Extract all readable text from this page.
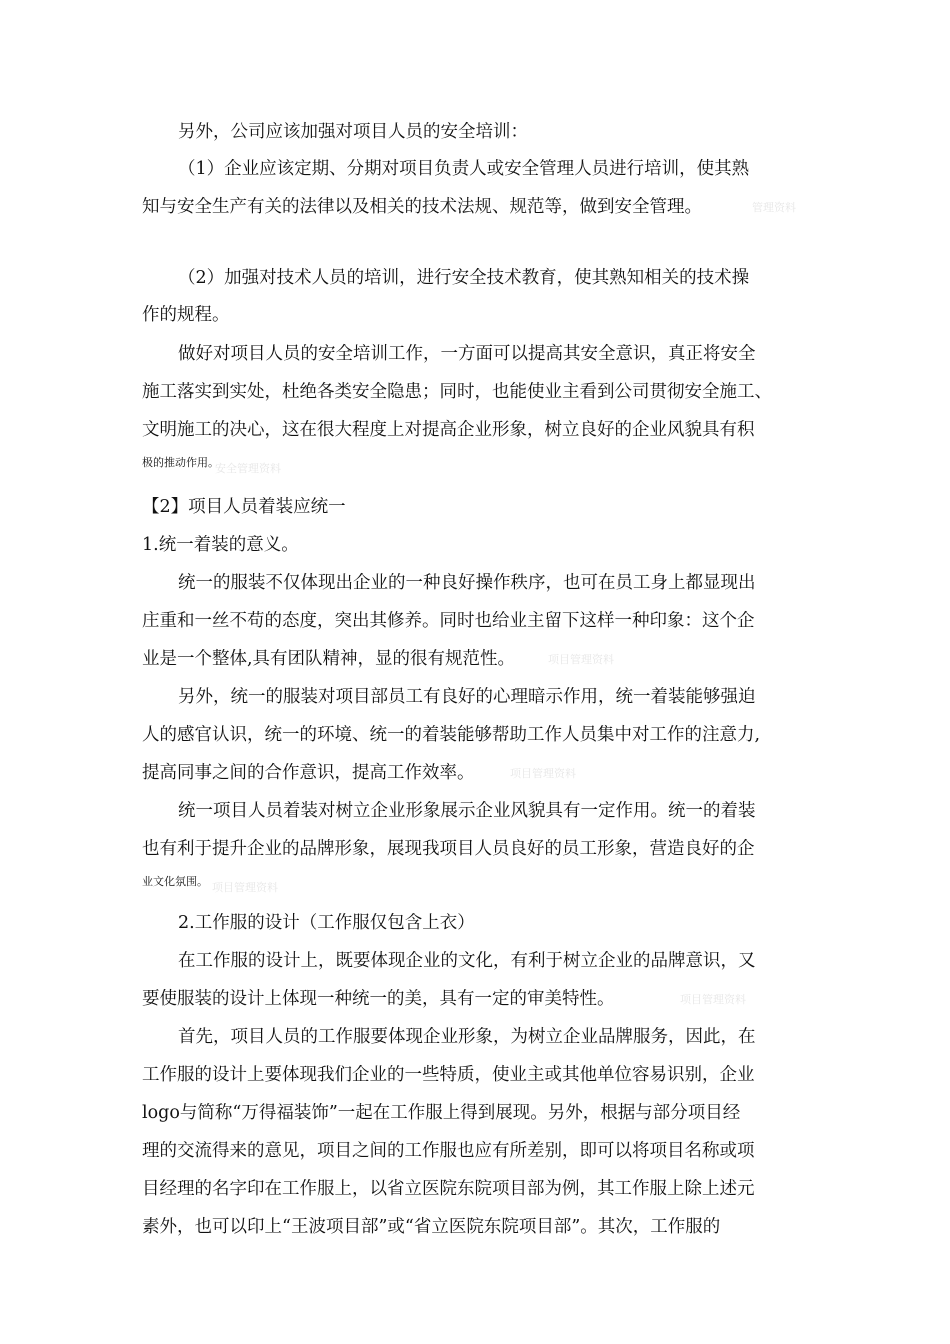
另外，公司应该加强对项目人员的安全培训：
（1）企业应该定期、分期对项目负责人或安全管理人员进行培训，使其熟
知与安全生产有关的法律以及相关的技术法规、规范等，做到安全管理。	管理资料
（2）加强对技术人员的培训，进行安全技术教育，使其熟知相关的技术操
作的规程。
做好对项目人员的安全培训工作，一方面可以提高其安全意识，真正将安全
施工落实到实处，杜绝各类安全隐患；同时，也能使业主看到公司贯彻安全施工、
文明施工的决心，这在很大程度上对提高企业形象，树立良好的企业风貌具有积
极的推动作用。
安全管理资料
【2】项目人员着装应统一
1.统一着装的意义。
统一的服装不仅体现出企业的一种良好操作秩序，也可在员工身上都显现出
庄重和一丝不苟的态度，突出其修养。同时也给业主留下这样一种印象：这个企
业是一个整体,具有团队精神，显的很有规范性。	项目管理资料
另外，统一的服装对项目部员工有良好的心理暗示作用，统一着装能够强迫
人的感官认识，统一的环境、统一的着装能够帮助工作人员集中对工作的注意力,
提高同事之间的合作意识，提高工作效率。	项目管理资料
统一项目人员着装对树立企业形象展示企业风貌具有一定作用。统一的着装
也有利于提升企业的品牌形象，展现我项目人员良好的员工形象，营造良好的企
业文化氛围。 项目管理资料
2.工作服的设计（工作服仅包含上衣）
在工作服的设计上，既要体现企业的文化，有利于树立企业的品牌意识，又
要使服装的设计上体现一种统一的美，具有一定的审美特性。	项目管理资料
首先，项目人员的工作服要体现企业形象，为树立企业品牌服务，因此，在
工作服的设计上要体现我们企业的一些特质，使业主或其他单位容易识别，企业
logo与简称“万得福装饰”一起在工作服上得到展现。另外，根据与部分项目经
理的交流得来的意见，项目之间的工作服也应有所差别，即可以将项目名称或项
目经理的名字印在工作服上，以省立医院东院项目部为例，其工作服上除上述元
素外，也可以印上“王波项目部”或“省立医院东院项目部”。其次，工作服的
